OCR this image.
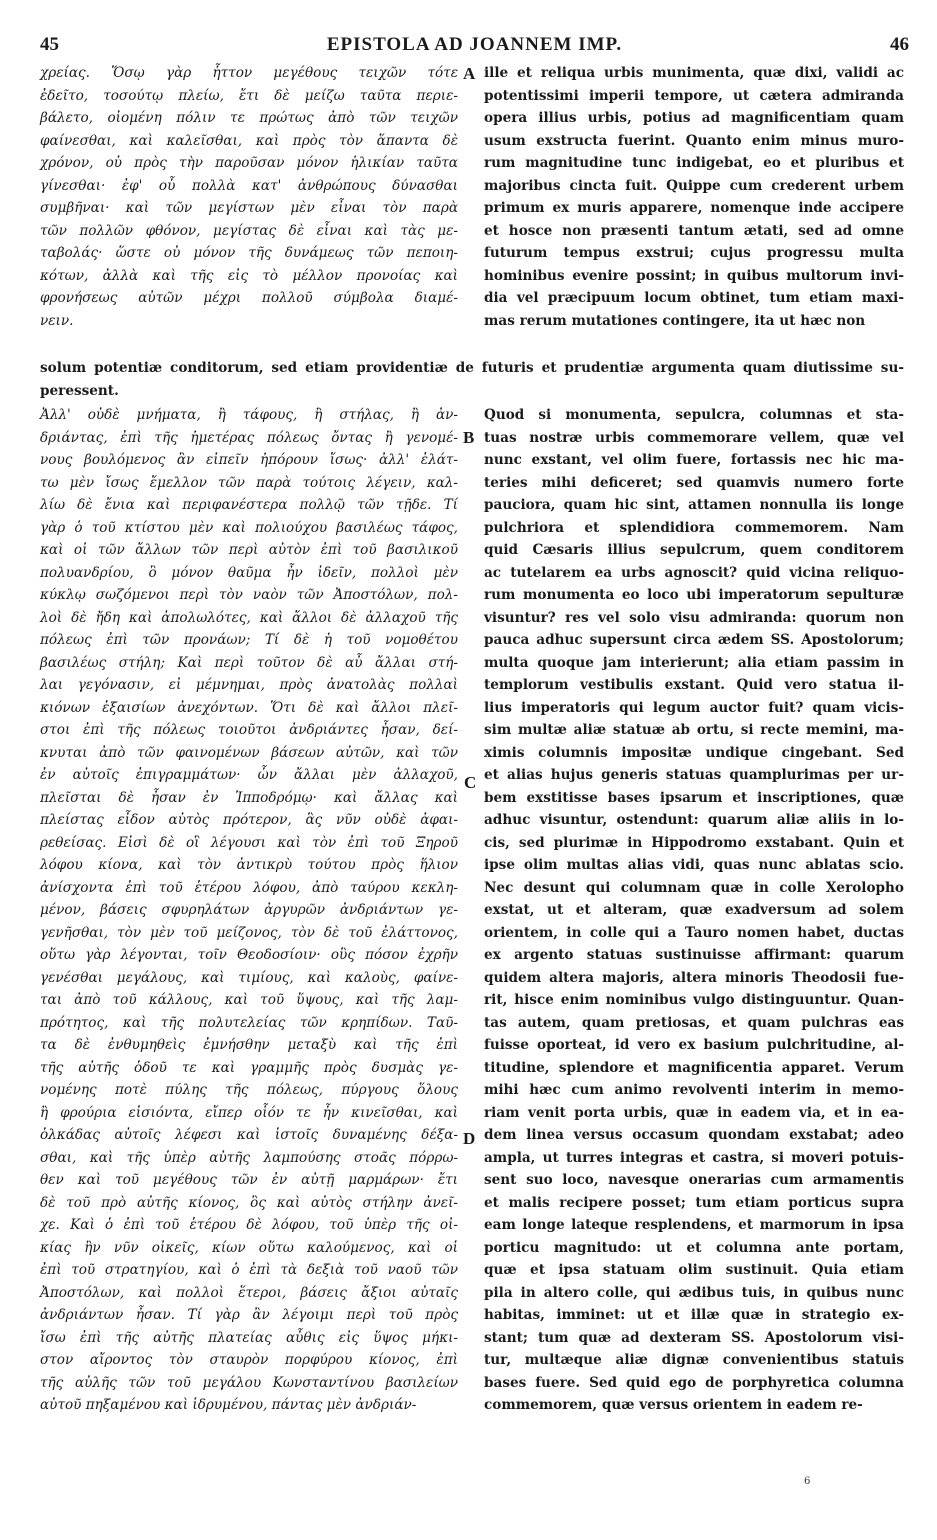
45	EPISTOLA AD JOANNEM IMP.	46
χρείας. Ὅσῳ γὰρ ἧττον μεγέθους τειχῶν τότε
ἐδεῖτο, τοσούτῳ πλείω, ἔτι δὲ μείζω ταῦτα περιε-
βάλετο, οἰομένη πόλιν τε πρώτως ἀπὸ τῶν τειχῶν
φαίνεσθαι, καὶ καλεῖσθαι, καὶ πρὸς τὸν ἅπαντα δὲ
χρόνον, οὐ πρὸς τὴν παροῦσαν μόνον ἡλικίαν ταῦτα
γίνεσθαι· ἐφ' οὗ πολλὰ κατ' ἀνθρώπους δύνασθαι
συμβῆναι· καὶ τῶν μεγίστων μὲν εἶναι τὸν παρὰ
τῶν πολλῶν φθόνον, μεγίστας δὲ εἶναι καὶ τὰς με-
ταβολάς· ὥστε οὐ μόνον τῆς δυνάμεως τῶν πεποιη-
κότων, ἀλλὰ καὶ τῆς εἰς τὸ μέλλον προνοίας καὶ
φρονήσεως αὐτῶν μέχρι πολλοῦ σύμβολα διαμέ-
νειν.
ille et reliqua urbis munimenta, quæ dixi, validi ac
potentissimi imperii tempore, ut cætera admiranda
opera illius urbis, potius ad magnificentiam quam
usum exstructa fuerint. Quanto enim minus muro-
rum magnitudine tunc indigebat, eo et pluribus et
majoribus cincta fuit. Quippe cum crederent urbem
primum ex muris apparere, nomenque inde accipere
et hosce non præsenti tantum ætati, sed ad omne
futurum tempus exstrui; cujus progressu multa
hominibus evenire possint; in quibus multorum invi-
dia vel præcipuum locum obtinet, tum etiam maxi-
mas rerum mutationes contingere, ita ut hæc non
solum potentiæ conditorum, sed etiam providentiæ de futuris et prudentiæ argumenta quam diutissime su-
peressent.
Ἀλλ' οὐδὲ μνήματα, ἢ τάφους, ἢ στήλας, ἢ ἀν-
δριάντας, ἐπὶ τῆς ἡμετέρας πόλεως ὄντας ἢ γενομέ-
νους βουλόμενος ἂν εἰπεῖν ἠπόρουν ἴσως· ἀλλ' ἐλάτ-
τω μὲν ἴσως ἔμελλον τῶν παρὰ τούτοις λέγειν, καλ-
λίω δὲ ἔνια καὶ περιφανέστερα πολλῷ τῶν τῇδε. Τί
γὰρ ὁ τοῦ κτίστου μὲν καὶ πολιούχου βασιλέως τάφος,
καὶ οἱ τῶν ἄλλων τῶν περὶ αὐτὸν ἐπὶ τοῦ βασιλικοῦ
πολυανδρίου, ὃ μόνον θαῦμα ἦν ἰδεῖν, πολλοὶ μὲν
κύκλῳ σωζόμενοι περὶ τὸν ναὸν τῶν Ἀποστόλων, πολ-
λοὶ δὲ ἤδη καὶ ἀπολωλότες, καὶ ἄλλοι δὲ ἀλλαχοῦ τῆς
πόλεως ἐπὶ τῶν προνάων; Τί δὲ ἡ τοῦ νομοθέτου
βασιλέως στήλη; Καὶ περὶ τοῦτον δὲ αὖ ἄλλαι στή-
λαι γεγόνασιν, εἰ μέμνημαι, πρὸς ἀνατολὰς πολλαὶ
κιόνων ἐξαισίων ἀνεχόντων. Ὅτι δὲ καὶ ἄλλοι πλεῖ-
στοι ἐπὶ τῆς πόλεως τοιοῦτοι ἀνδριάντες ἦσαν, δεί-
κνυται ἀπὸ τῶν φαινομένων βάσεων αὐτῶν, καὶ τῶν
ἐν αὐτοῖς ἐπιγραμμάτων· ὧν ἄλλαι μὲν ἀλλαχοῦ,
πλεῖσται δὲ ἦσαν ἐν Ἱπποδρόμῳ· καὶ ἄλλας καὶ
πλείστας εἶδον αὐτὸς πρότερον, ἃς νῦν οὐδὲ ἀφαι-
ρεθείσας. Εἰσὶ δὲ οἳ λέγουσι καὶ τὸν ἐπὶ τοῦ Ξηροῦ
λόφου κίονα, καὶ τὸν ἀντικρὺ τούτου πρὸς ἥλιον
ἀνίσχοντα ἐπὶ τοῦ ἑτέρου λόφου, ἀπὸ ταύρου κεκλη-
μένον, βάσεις σφυρηλάτων ἀργυρῶν ἀνδριάντων γε-
γενῆσθαι, τὸν μὲν τοῦ μείζονος, τὸν δὲ τοῦ ἐλάττονος,
οὕτω γὰρ λέγονται, τοῖν Θεοδοσίοιν· οὓς πόσον ἐχρῆν
γενέσθαι μεγάλους, καὶ τιμίους, καὶ καλοὺς, φαίνε-
ται ἀπὸ τοῦ κάλλους, καὶ τοῦ ὕψους, καὶ τῆς λαμ-
πρότητος, καὶ τῆς πολυτελείας τῶν κρηπίδων. Ταῦ-
τα δὲ ἐνθυμηθεὶς ἐμνήσθην μεταξὺ καὶ τῆς ἐπὶ
τῆς αὐτῆς ὁδοῦ τε καὶ γραμμῆς πρὸς δυσμὰς γε-
νομένης ποτὲ πύλης τῆς πόλεως, πύργους ὅλους
ἢ φρούρια εἰσιόντα, εἴπερ οἷόν τε ἦν κινεῖσθαι, καὶ
ὁλκάδας αὐτοῖς λέφεσι καὶ ἱστοῖς δυναμένης δέξα-
σθαι, καὶ τῆς ὑπὲρ αὐτῆς λαμπούσης στοᾶς πόρρω-
θεν καὶ τοῦ μεγέθους τῶν ἐν αὐτῇ μαρμάρων· ἔτι
δὲ τοῦ πρὸ αὐτῆς κίονος, ὃς καὶ αὐτὸς στήλην ἀνεῖ-
χε. Καὶ ὁ ἐπὶ τοῦ ἑτέρου δὲ λόφου, τοῦ ὑπὲρ τῆς οἰ-
κίας ἣν νῦν οἰκεῖς, κίων οὕτω καλούμενος, καὶ οἱ
ἐπὶ τοῦ στρατηγίου, καὶ ὁ ἐπὶ τὰ δεξιὰ τοῦ ναοῦ τῶν
Ἀποστόλων, καὶ πολλοὶ ἕτεροι, βάσεις ἄξιοι αὐταῖς
ἀνδριάντων ἦσαν. Τί γὰρ ἂν λέγοιμι περὶ τοῦ πρὸς
ἴσω ἐπὶ τῆς αὐτῆς πλατείας αὖθις εἰς ὕψος μήκι-
στον αἴροντος τὸν σταυρὸν πορφύρου κίονος, ἐπὶ
τῆς αὐλῆς τῶν τοῦ μεγάλου Κωνσταντίνου βασιλείων
αὐτοῦ πηξαμένου καὶ ἱδρυμένου, πάντας μὲν ἀνδριάν-
Quod si monumenta, sepulcra, columnas et sta-
tuas nostræ urbis commemorare vellem, quæ vel
nunc exstant, vel olim fuere, fortassis nec hic ma-
teries mihi deficeret; sed quamvis numero forte
pauciora, quam hic sint, attamen nonnulla iis longe
pulchriora et splendidiora commemorem. Nam
quid Cæsaris illius sepulcrum, quem conditorem
ac tutelarem ea urbs agnoscit? quid vicina reliquo-
rum monumenta eo loco ubi imperatorum sepulturæ
visuntur? res vel solo visu admiranda: quorum non
pauca adhuc supersunt circa ædem SS. Apostolorum;
multa quoque jam interierunt; alia etiam passim in
templorum vestibulis exstant. Quid vero statua il-
lius imperatoris qui legum auctor fuit? quam vicis-
sim multæ aliæ statuæ ab ortu, si recte memini, ma-
ximis columnis impositæ undique cingebant. Sed
et alias hujus generis statuas quamplurimas per ur-
bem exstitisse bases ipsarum et inscriptiones, quæ
adhuc visuntur, ostendunt: quarum aliæ aliis in lo-
cis, sed plurimæ in Hippodromo exstabant. Quin et
ipse olim multas alias vidi, quas nunc ablatas scio.
Nec desunt qui columnam quæ in colle Xerolopho
exstat, ut et alteram, quæ exadversum ad solem
orientem, in colle qui a Tauro nomen habet, ductas
ex argento statuas sustinuisse affirmant: quarum
quidem altera majoris, altera minoris Theodosii fue-
rit, hisce enim nominibus vulgo distinguuntur. Quan-
tas autem, quam pretiosas, et quam pulchras eas
fuisse oporteat, id vero ex basium pulchritudine, al-
titudine, splendore et magnificentia apparet. Verum
mihi hæc cum animo revolventi interim in memo-
riam venit porta urbis, quæ in eadem via, et in ea-
dem linea versus occasum quondam exstabat; adeo
ampla, ut turres integras et castra, si moveri potuis-
sent suo loco, navesque onerarias cum armamentis
et malis recipere posset; tum etiam porticus supra
eam longe lateque resplendens, et marmorum in ipsa
porticu magnitudo: ut et columna ante portam,
quæ et ipsa statuam olim sustinuit. Quia etiam
pila in altero colle, qui ædibus tuis, in quibus nunc
habitas, imminet: ut et illæ quæ in strategio ex-
stant; tum quæ ad dexteram SS. Apostolorum visi-
tur, multæque aliæ dignæ convenientibus statuis
bases fuere. Sed quid ego de porphyretica columna
commemorem, quæ versus orientem in eadem re-
A
B
C
D
6
